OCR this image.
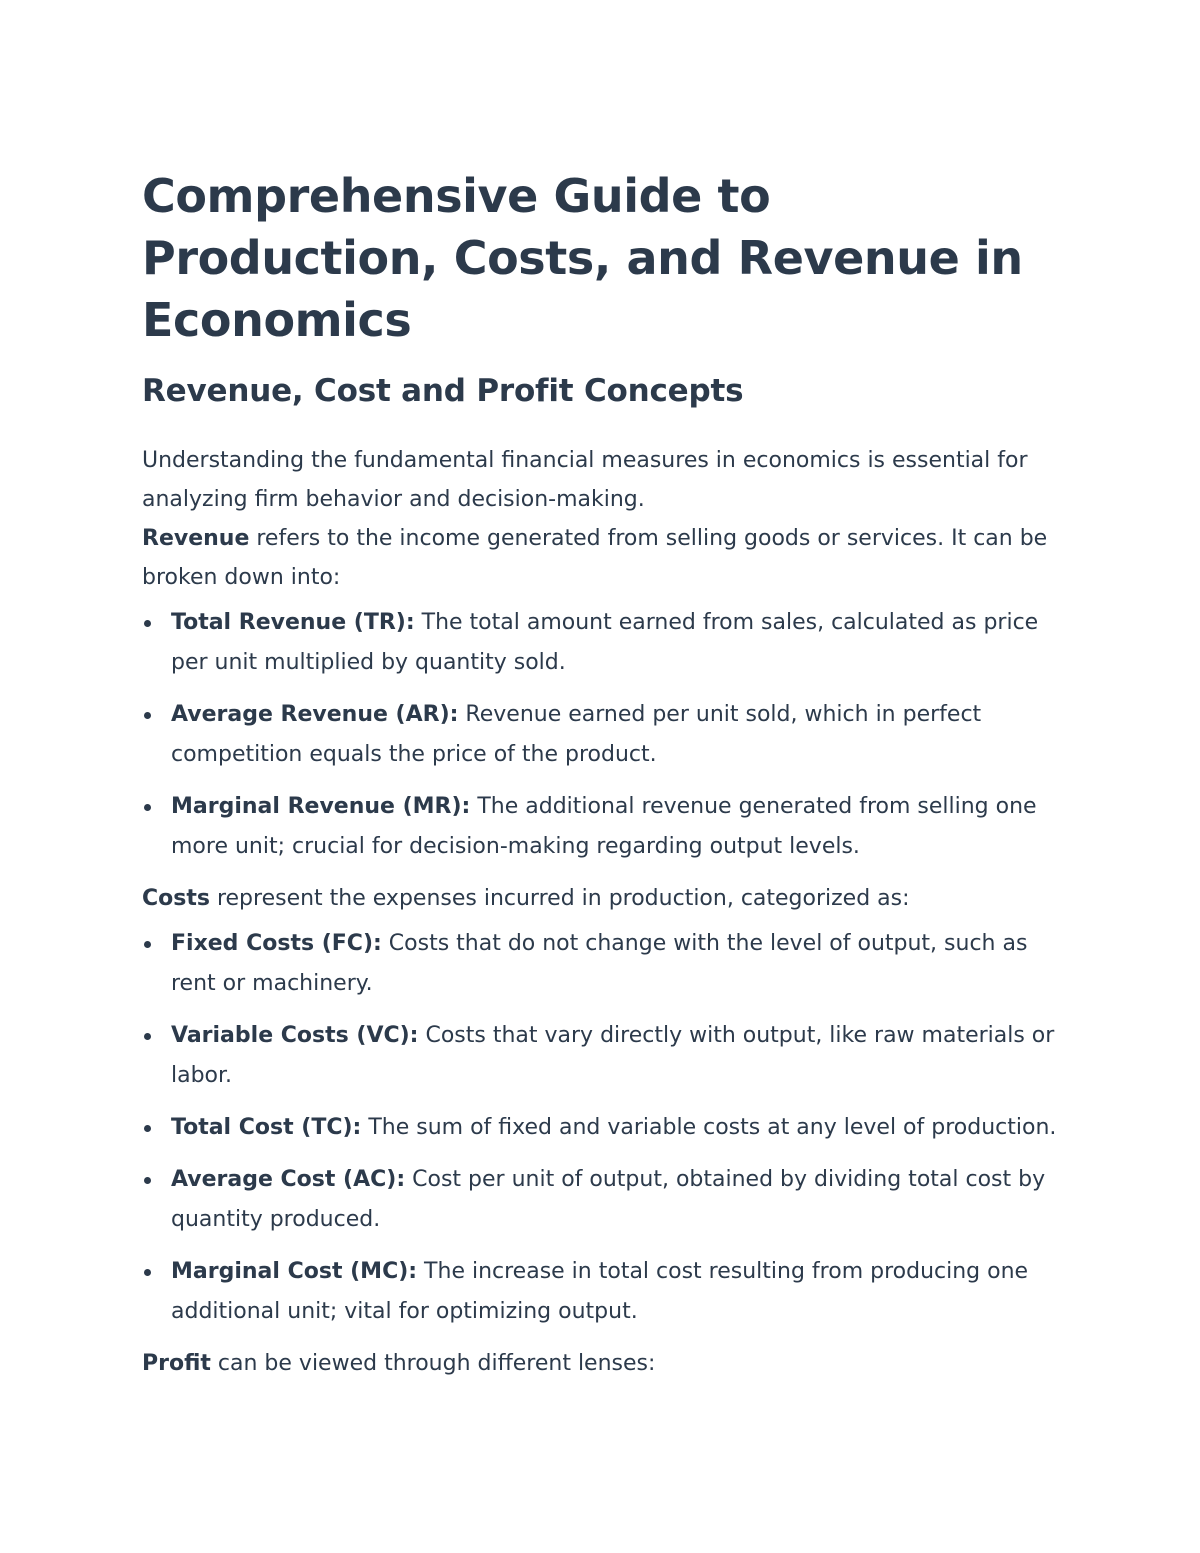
Comprehensive Guide to Production, Costs, and Revenue in Economics
Revenue, Cost and Profit Concepts

Understanding the fundamental financial measures in economics is essential for analyzing firm behavior and decision-making.

Revenue refers to the income generated from selling goods or services. It can be broken down into:

Total Revenue (TR): The total amount earned from sales, calculated as price per unit multiplied by quantity sold.
Average Revenue (AR): Revenue earned per unit sold, which in perfect competition equals the price of the product.
Marginal Revenue (MR): The additional revenue generated from selling one more unit; crucial for decision-making regarding output levels.

Costs represent the expenses incurred in production, categorized as:

Fixed Costs (FC): Costs that do not change with the level of output, such as rent or machinery.
Variable Costs (VC): Costs that vary directly with output, like raw materials or labor.
Total Cost (TC): The sum of fixed and variable costs at any level of production.
Average Cost (AC): Cost per unit of output, obtained by dividing total cost by quantity produced.
Marginal Cost (MC): The increase in total cost resulting from producing one additional unit; vital for optimizing output.

Profit can be viewed through different lenses:
